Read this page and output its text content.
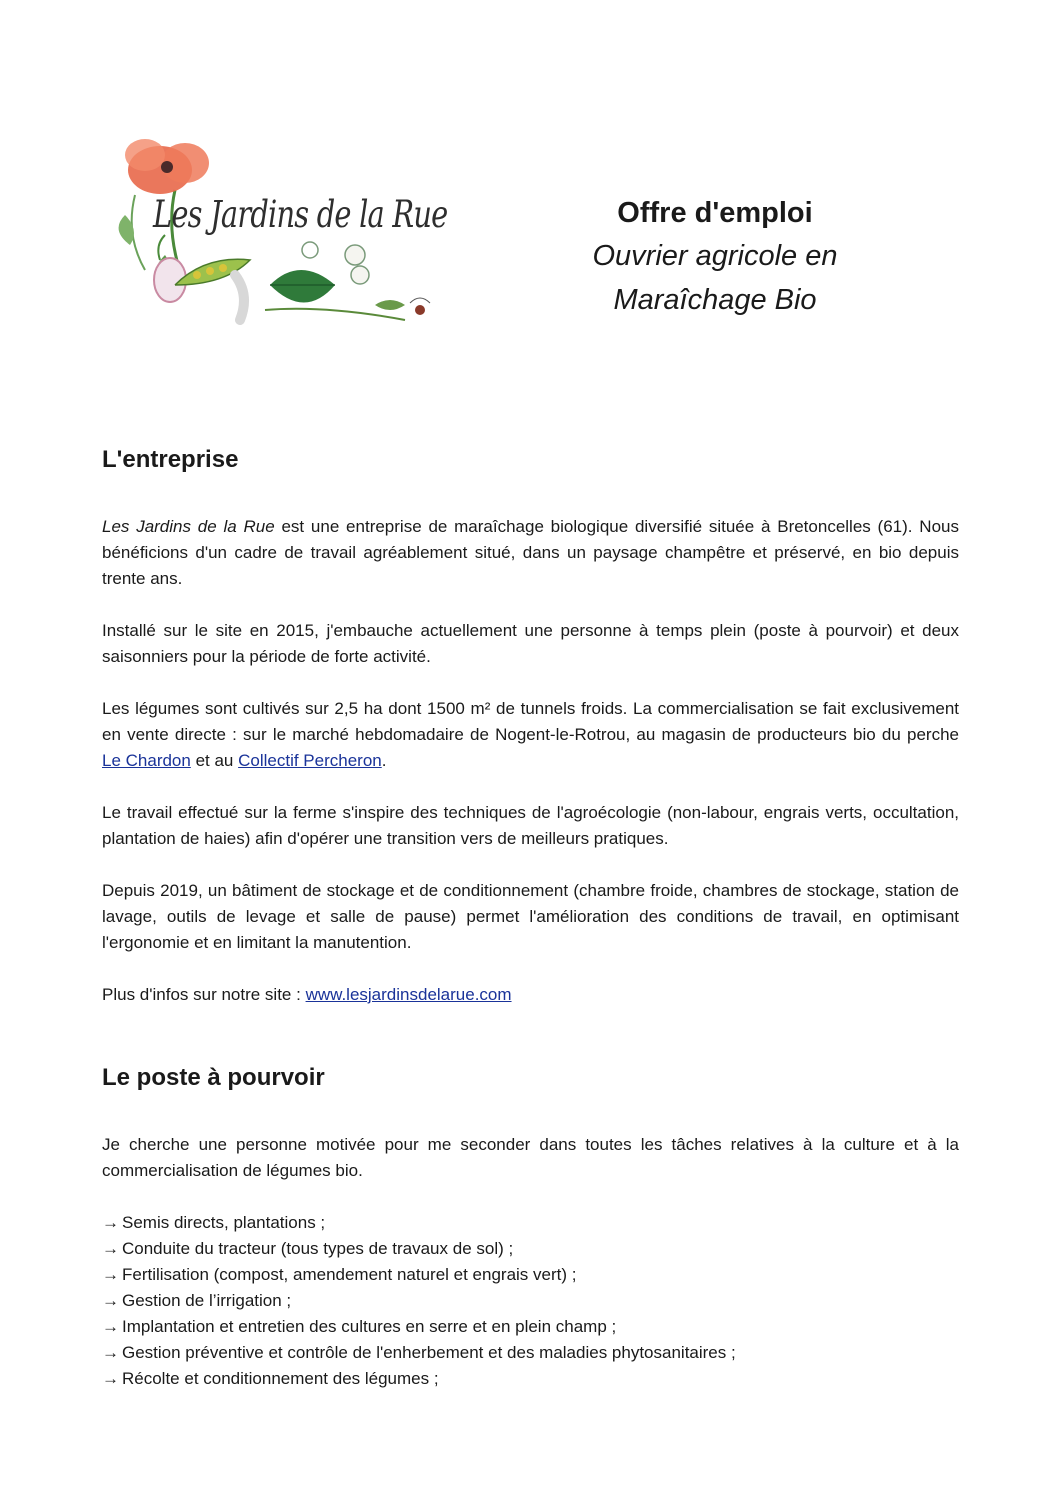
Les Jardins de la Rue	Offre d'emploi
Ouvrier agricole en
Maraîchage Bio
L'entreprise

Les Jardins de la Rue est une entreprise de maraîchage biologique diversifié située à Bretoncelles (61). Nous bénéficions d'un cadre de travail agréablement situé, dans un paysage champêtre et préservé, en bio depuis trente ans.

Installé sur le site en 2015, j'embauche actuellement une personne à temps plein (poste à pourvoir) et deux saisonniers pour la période de forte activité.

Les légumes sont cultivés sur 2,5 ha dont 1500 m² de tunnels froids. La commercialisation se fait exclusivement en vente directe : sur le marché hebdomadaire de Nogent-le-Rotrou, au magasin de producteurs bio du perche Le Chardon et au Collectif Percheron.

Le travail effectué sur la ferme s'inspire des techniques de l'agroécologie (non-labour, engrais verts, occultation, plantation de haies) afin d'opérer une transition vers de meilleurs pratiques.

Depuis 2019, un bâtiment de stockage et de conditionnement (chambre froide, chambres de stockage, station de lavage, outils de levage et salle de pause) permet l'amélioration des conditions de travail, en optimisant l'ergonomie et en limitant la manutention.

Plus d'infos sur notre site : www.lesjardinsdelarue.com

Le poste à pourvoir

Je cherche une personne motivée pour me seconder dans toutes les tâches relatives à la culture et à la commercialisation de légumes bio.

→ Semis directs, plantations ;
→ Conduite du tracteur (tous types de travaux de sol) ;
→ Fertilisation (compost, amendement naturel et engrais vert) ;
→ Gestion de l’irrigation ;
→ Implantation et entretien des cultures en serre et en plein champ ;
→ Gestion préventive et contrôle de l'enherbement et des maladies phytosanitaires ;
→ Récolte et conditionnement des légumes ;
